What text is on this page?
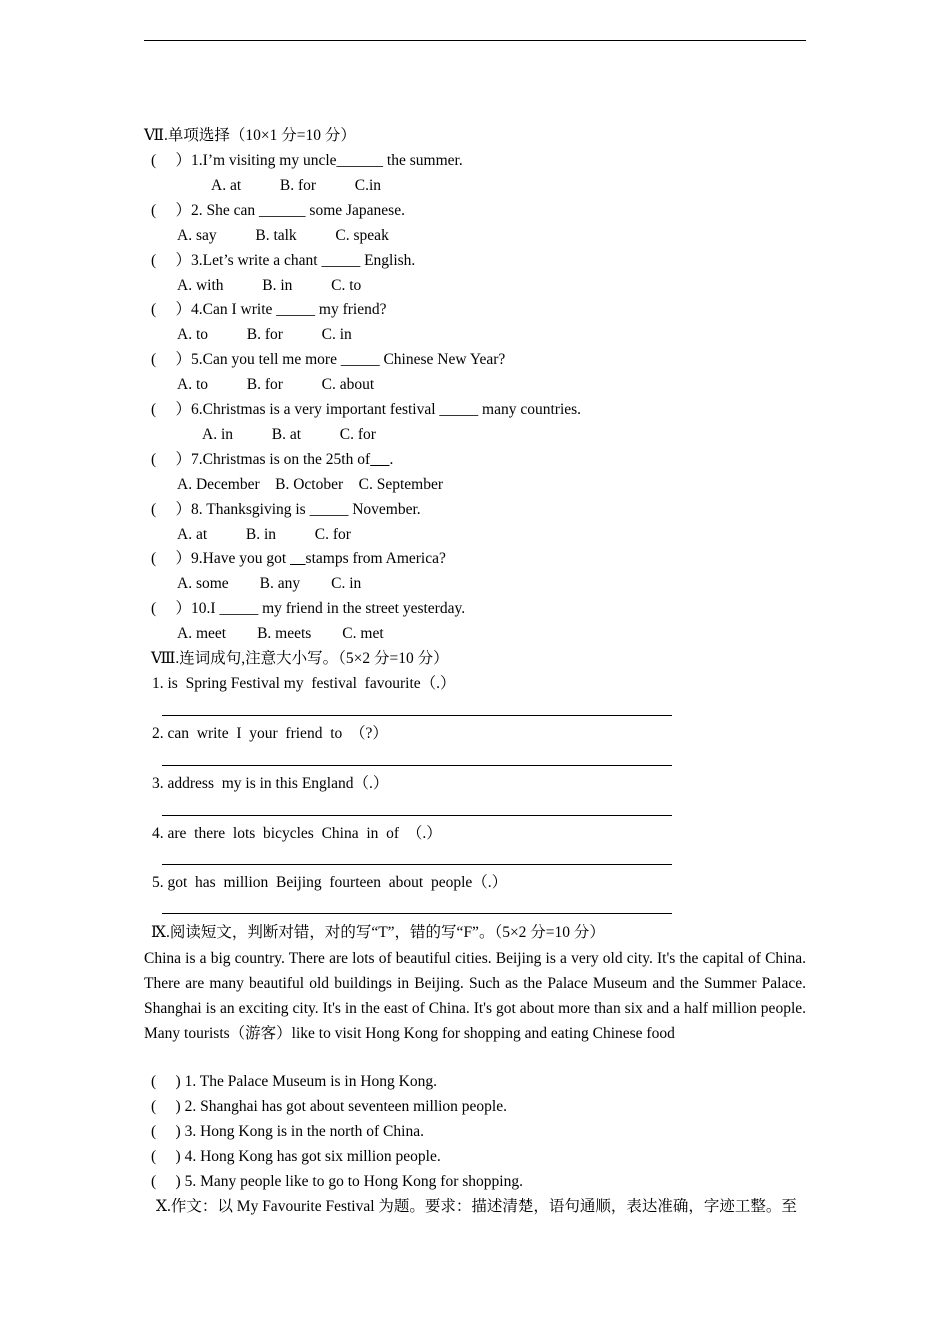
Ⅶ.单项选择（10×1 分=10 分）
(     ）1.I’m visiting my uncle______ the summer.
A. at          B. for          C.in
(     ）2. She can ______ some Japanese.
A. say          B. talk          C. speak
(     ）3.Let’s write a chant _____ English.
A. with          B. in          C. to
(     ）4.Can I write _____ my friend?
A. to          B. for          C. in
(     ）5.Can you tell me more _____ Chinese New Year?
A. to          B. for          C. about
(     ）6.Christmas is a very important festival _____ many countries.
A. in          B. at          C. for
(     ）7.Christmas is on the 25th of .
A. December    B. October    C. September
(     ）8. Thanksgiving is _____ November.
A. at          B. in          C. for
(     ）9.Have you got     stamps from America?
A. some        B. any        C. in
(     ）10.I _____ my friend in the street yesterday.
A. meet        B. meets        C. met
Ⅷ.连词成句,注意大小写。（5×2 分=10 分）
1. is  Spring Festival my  festival  favourite（.）
2. can  write  I  your  friend  to  （?）
3. address  my is in this England（.）
4. are  there  lots  bicycles  China  in  of  （.）
5. got  has  million  Beijing  fourteen  about  people（.）
Ⅸ.阅读短文，判断对错，对的写“T”，错的写“F”。（5×2 分=10 分）
China is a big country. There are lots of beautiful cities. Beijing is a very old city. It's the capital of China. There are many beautiful old buildings in Beijing. Such as the Palace Museum and the Summer Palace. Shanghai is an exciting city. It's in the east of China. It's got about more than six and a half million people. Many tourists（游客）like to visit Hong Kong for shopping and eating Chinese food
(     ) 1. The Palace Museum is in Hong Kong.
(     ) 2. Shanghai has got about seventeen million people.
(     ) 3. Hong Kong is in the north of China.
(     ) 4. Hong Kong has got six million people.
(     ) 5. Many people like to go to Hong Kong for shopping.
Ⅹ.作文：以 My Favourite Festival 为题。要求：描述清楚，语句通顺，表达准确，字迹工整。至
